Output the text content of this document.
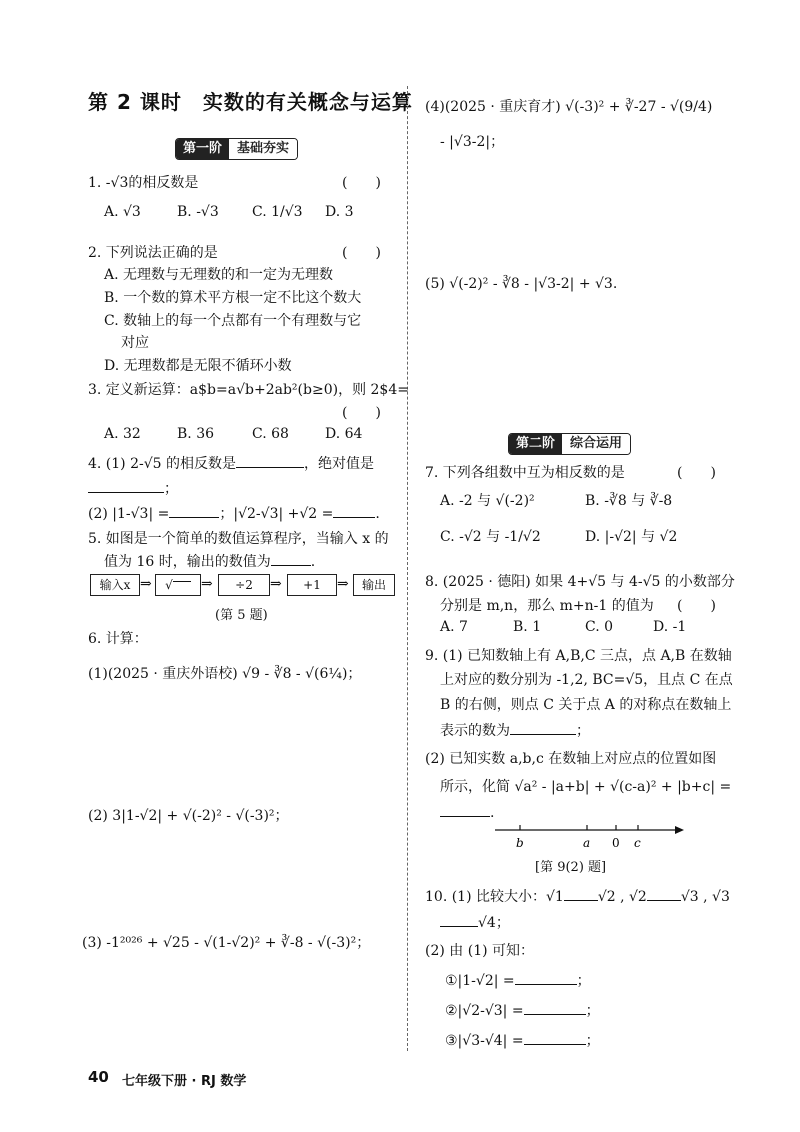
第 2 课时　实数的有关概念与运算
第一阶	基础夯实
1. -√3的相反数是	(　　)
A. √3	B. -√3 C. 1/√3 D. 3
2. 下列说法正确的是	(　　)
A. 无理数与无理数的和一定为无理数
B. 一个数的算术平方根一定不比这个数大
C. 数轴上的每一个点都有一个有理数与它
对应
D. 无理数都是无限不循环小数
3. 定义新运算：a$b=a√b+2ab²(b≥0)，则 2$4=
(　　)
A. 32	B. 36	C. 68	D. 64
4. (1) 2-√5 的相反数是	，绝对值是
；
(2) |1-√3| =	；|√2-√3| +√2 =	.
5. 如图是一个简单的数值运算程序，当输入 x 的
值为 16 时，输出的数值为	.
输入x ⇒	√	⇒	÷2	⇒	+1	⇒	输出
(第 5 题)
6. 计算：
(1)(2025 · 重庆外语校) √9 - ∛8 - √(6¼)；
(2) 3|1-√2| + √(-2)² - √(-3)²；
(3) -1²⁰²⁶ + √25 - √(1-√2)² + ∛-8 - √(-3)²；
(4)(2025 · 重庆育才) √(-3)² + ∛-27 - √(9/4)
- |√3-2|；
(5) √(-2)² - ∛8 - |√3-2| + √3.
第二阶	综合运用
7. 下列各组数中互为相反数的是	(　　)
A. -2 与 √(-2)²	B. -∛8 与 ∛-8
C. -√2 与 -1/√2	D. |-√2| 与 √2
8. (2025 · 德阳) 如果 4+√5 与 4-√5 的小数部分
分别是 m,n，那么 m+n-1 的值为 (　　)
A. 7	B. 1	C. 0	D. -1
9. (1) 已知数轴上有 A,B,C 三点，点 A,B 在数轴
上对应的数分别为 -1,2, BC=√5，且点 C 在点
B 的右侧，则点 C 关于点 A 的对称点在数轴上
表示的数为	；
(2) 已知实数 a,b,c 在数轴上对应点的位置如图
所示，化简 √a² - |a+b| + √(c-a)² + |b+c| =
.
b	a 0 c
[第 9(2) 题]
10. (1) 比较大小：√1 √2 , √2 √3 , √3
√4；
(2) 由 (1) 可知：
①|1-√2| =	；
②|√2-√3| =	；
③|√3-√4| =	；
40 七年级下册 · RJ 数学
